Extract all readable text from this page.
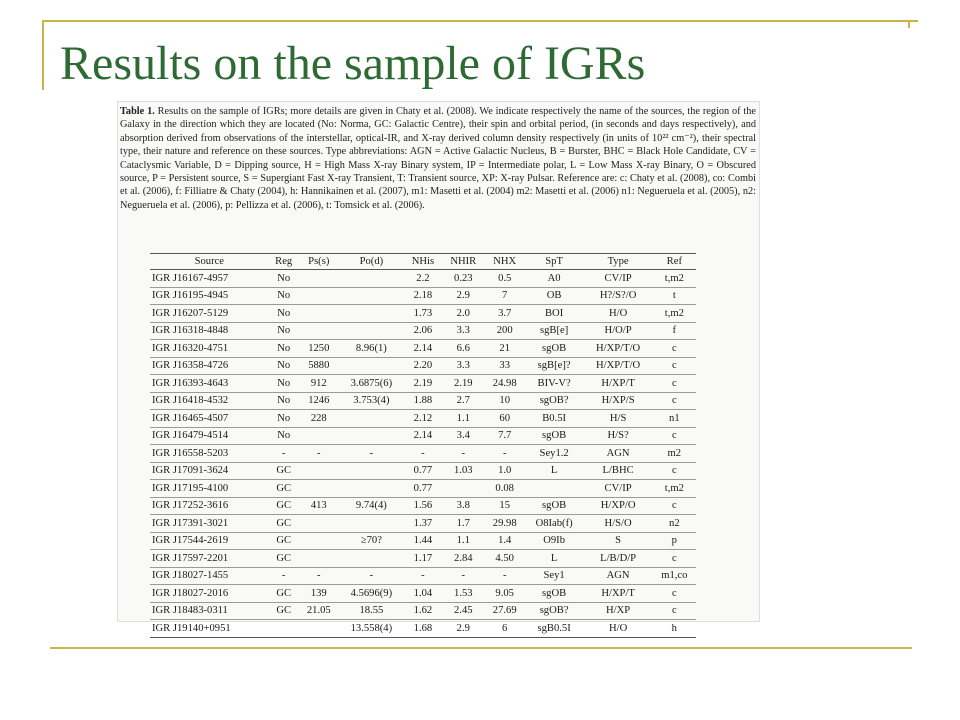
Results on the sample of IGRs
Table 1. Results on the sample of IGRs; more details are given in Chaty et al. (2008). We indicate respectively the name of the sources, the region of the Galaxy in the direction which they are located (No: Norma, GC: Galactic Centre), their spin and orbital period, (in seconds and days respectively), and absorption derived from observations of the interstellar, optical-IR, and X-ray derived column density respectively (in units of 10²² cm⁻²), their spectral type, their nature and reference on these sources. Type abbreviations: AGN = Active Galactic Nucleus, B = Burster, BHC = Black Hole Candidate, CV = Cataclysmic Variable, D = Dipping source, H = High Mass X-ray Binary system, IP = Intermediate polar, L = Low Mass X-ray Binary, O = Obscured source, P = Persistent source, S = Supergiant Fast X-ray Transient, T: Transient source, XP: X-ray Pulsar. Reference are: c: Chaty et al. (2008), co: Combi et al. (2006), f: Filliatre & Chaty (2004), h: Hannikainen et al. (2007), m1: Masetti et al. (2004) m2: Masetti et al. (2006) n1: Negueruela et al. (2005), n2: Negueruela et al. (2006), p: Pellizza et al. (2006), t: Tomsick et al. (2006).
Source	Reg	Ps(s)	Po(d)	NHis	NHIR	NHX	SpT	Type	Ref
IGR J16167-4957	No			2.2	0.23	0.5	A0	CV/IP	t,m2
IGR J16195-4945	No			2.18	2.9	7	OB	H?/S?/O	t
IGR J16207-5129	No			1.73	2.0	3.7	BOI	H/O	t,m2
IGR J16318-4848	No			2.06	3.3	200	sgB[e]	H/O/P	f
IGR J16320-4751	No	1250	8.96(1)	2.14	6.6	21	sgOB	H/XP/T/O	c
IGR J16358-4726	No	5880		2.20	3.3	33	sgB[e]?	H/XP/T/O	c
IGR J16393-4643	No	912	3.6875(6)	2.19	2.19	24.98	BIV-V?	H/XP/T	c
IGR J16418-4532	No	1246	3.753(4)	1.88	2.7	10	sgOB?	H/XP/S	c
IGR J16465-4507	No	228		2.12	1.1	60	B0.5I	H/S	n1
IGR J16479-4514	No			2.14	3.4	7.7	sgOB	H/S?	c
IGR J16558-5203	-	-	-	-	-	-	Sey1.2	AGN	m2
IGR J17091-3624	GC			0.77	1.03	1.0	L	L/BHC	c
IGR J17195-4100	GC			0.77		0.08		CV/IP	t,m2
IGR J17252-3616	GC	413	9.74(4)	1.56	3.8	15	sgOB	H/XP/O	c
IGR J17391-3021	GC			1.37	1.7	29.98	O8Iab(f)	H/S/O	n2
IGR J17544-2619	GC		≥70?	1.44	1.1	1.4	O9Ib	S	p
IGR J17597-2201	GC			1.17	2.84	4.50	L	L/B/D/P	c
IGR J18027-1455	-	-	-	-	-	-	Sey1	AGN	m1,co
IGR J18027-2016	GC	139	4.5696(9)	1.04	1.53	9.05	sgOB	H/XP/T	c
IGR J18483-0311	GC	21.05	18.55	1.62	2.45	27.69	sgOB?	H/XP	c
IGR J19140+0951			13.558(4)	1.68	2.9	6	sgB0.5I	H/O	h
